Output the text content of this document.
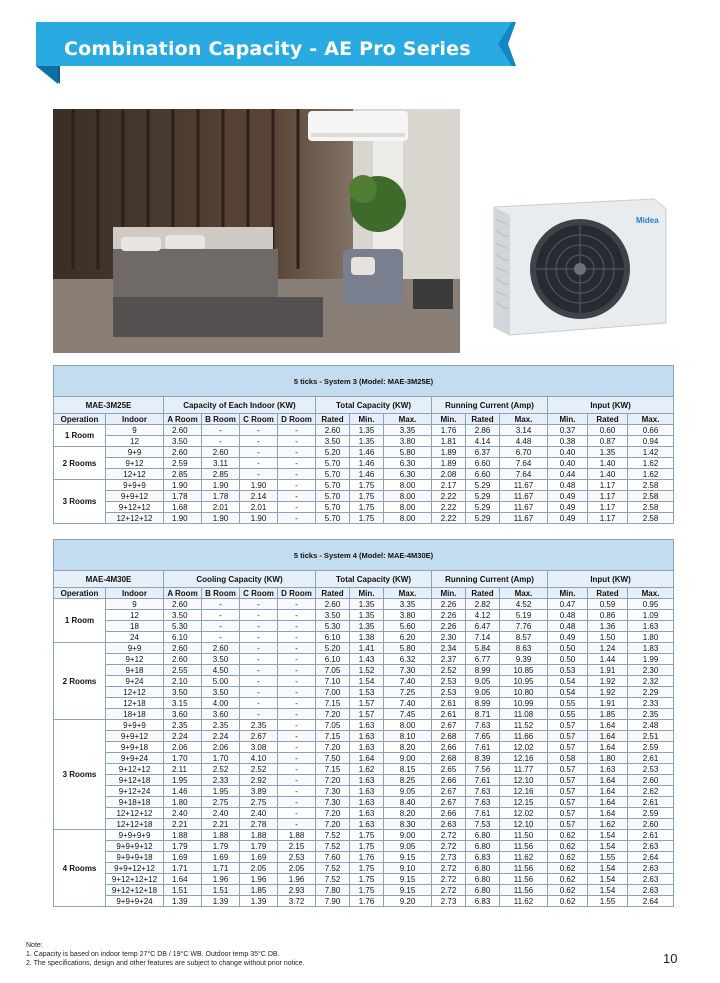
Combination Capacity - AE Pro Series
Midea
5 ticks - System 3 (Model: MAE-3M25E)														
MAE-3M25E		Capacity of Each Indoor (KW)				Total Capacity (KW)			Running Current (Amp)			Input (KW)		
Operation	Indoor	A Room	B Room	C Room	D Room	Rated	Min.	Max.	Min.	Rated	Max.	Min.	Rated	Max.
1 Room	9	2.60	-	-	-	2.60	1.35	3.35	1.76	2.86	3.14	0.37	0.60	0.66
	12	3.50	-	-	-	3.50	1.35	3.80	1.81	4.14	4.48	0.38	0.87	0.94
2 Rooms	9+9	2.60	2.60	-	-	5.20	1.46	5.80	1.89	6.37	6.70	0.40	1.35	1.42
	9+12	2.59	3.11	-	-	5.70	1.46	6.30	1.89	6.60	7.64	0.40	1.40	1.62
	12+12	2.85	2.85	-	-	5.70	1.46	6.30	2.08	6.60	7.64	0.44	1.40	1.62
3 Rooms	9+9+9	1.90	1.90	1.90	-	5.70	1.75	8.00	2.17	5.29	11.67	0.48	1.17	2.58
	9+9+12	1.78	1.78	2.14	-	5.70	1.75	8.00	2.22	5.29	11.67	0.49	1.17	2.58
	9+12+12	1.68	2.01	2.01	-	5.70	1.75	8.00	2.22	5.29	11.67	0.49	1.17	2.58
	12+12+12	1.90	1.90	1.90	-	5.70	1.75	8.00	2.22	5.29	11.67	0.49	1.17	2.58
5 ticks - System 4 (Model: MAE-4M30E)														
MAE-4M30E		Cooling Capacity (KW)				Total Capacity (KW)			Running Current (Amp)			Input (KW)		
Operation	Indoor	A Room	B Room	C Room	D Room	Rated	Min.	Max.	Min.	Rated	Max.	Min.	Rated	Max.
1 Room	9	2.60	-	-	-	2.60	1.35	3.35	2.26	2.82	4.52	0.47	0.59	0.95
	12	3.50	-	-	-	3.50	1.35	3.80	2.26	4.12	5.19	0.48	0.86	1.09
	18	5.30	-	-	-	5.30	1.35	5.60	2.26	6.47	7.76	0.48	1.36	1.63
	24	6.10	-	-	-	6.10	1.38	6.20	2.30	7.14	8.57	0.49	1.50	1.80
2 Rooms	9+9	2.60	2.60	-	-	5.20	1.41	5.80	2.34	5.84	8.63	0.50	1.24	1.83
	9+12	2.60	3.50	-	-	6.10	1.43	6.32	2.37	6.77	9.39	0.50	1.44	1.99
	9+18	2.55	4.50	-	-	7.05	1.52	7.30	2.52	8.99	10.85	0.53	1.91	2.30
	9+24	2.10	5.00	-	-	7.10	1.54	7.40	2.53	9.05	10.95	0.54	1.92	2.32
	12+12	3.50	3.50	-	-	7.00	1.53	7.25	2.53	9.05	10.80	0.54	1.92	2.29
	12+18	3.15	4.00	-	-	7.15	1.57	7.40	2.61	8.99	10.99	0.55	1.91	2.33
	18+18	3.60	3.60	-	-	7.20	1.57	7.45	2.61	8.71	11.08	0.55	1.85	2.35
3 Rooms	9+9+9	2.35	2.35	2.35	-	7.05	1.63	8.00	2.67	7.63	11.52	0.57	1.64	2.48
	9+9+12	2.24	2.24	2.67	-	7.15	1.63	8.10	2.68	7.65	11.66	0.57	1.64	2.51
	9+9+18	2.06	2.06	3.08	-	7.20	1.63	8.20	2.66	7.61	12.02	0.57	1.64	2.59
	9+9+24	1.70	1.70	4.10	-	7.50	1.64	9.00	2.68	8.39	12.16	0.58	1.80	2.61
	9+12+12	2.11	2.52	2.52	-	7.15	1.62	8.15	2.65	7.56	11.77	0.57	1.63	2.53
	9+12+18	1.95	2.33	2.92	-	7.20	1.63	8.25	2.66	7.61	12.10	0.57	1.64	2.60
	9+12+24	1.46	1.95	3.89	-	7.30	1.63	9.05	2.67	7.63	12.16	0.57	1.64	2.62
	9+18+18	1.80	2.75	2.75	-	7.30	1.63	8.40	2.67	7.63	12.15	0.57	1.64	2.61
	12+12+12	2.40	2.40	2.40	-	7.20	1.63	8.20	2.66	7.61	12.02	0.57	1.64	2.59
	12+12+18	2.21	2.21	2.78	-	7.20	1.63	8.30	2.63	7.53	12.10	0.57	1.62	2.60
4 Rooms	9+9+9+9	1.88	1.88	1.88	1.88	7.52	1.75	9.00	2.72	6.80	11.50	0.62	1.54	2.61
	9+9+9+12	1.79	1.79	1.79	2.15	7.52	1.75	9.05	2.72	6.80	11.56	0.62	1.54	2.63
	9+9+9+18	1.69	1.69	1.69	2.53	7.60	1.76	9.15	2.73	6.83	11.62	0.62	1.55	2.64
	9+9+12+12	1.71	1.71	2.05	2.05	7.52	1.75	9.10	2.72	6.80	11.56	0.62	1.54	2.63
	9+12+12+12	1.64	1.96	1.96	1.96	7.52	1.75	9.15	2.72	6.80	11.56	0.62	1.54	2.63
	9+12+12+18	1.51	1.51	1.85	2.93	7.80	1.75	9.15	2.72	6.80	11.56	0.62	1.54	2.63
	9+9+9+24	1.39	1.39	1.39	3.72	7.90	1.76	9.20	2.73	6.83	11.62	0.62	1.55	2.64
Note:
1. Capacity is based on indoor temp 27°C DB / 19°C WB. Outdoor temp 35°C DB.
2. The specifications, design and other features are subject to change without prior notice.	10
